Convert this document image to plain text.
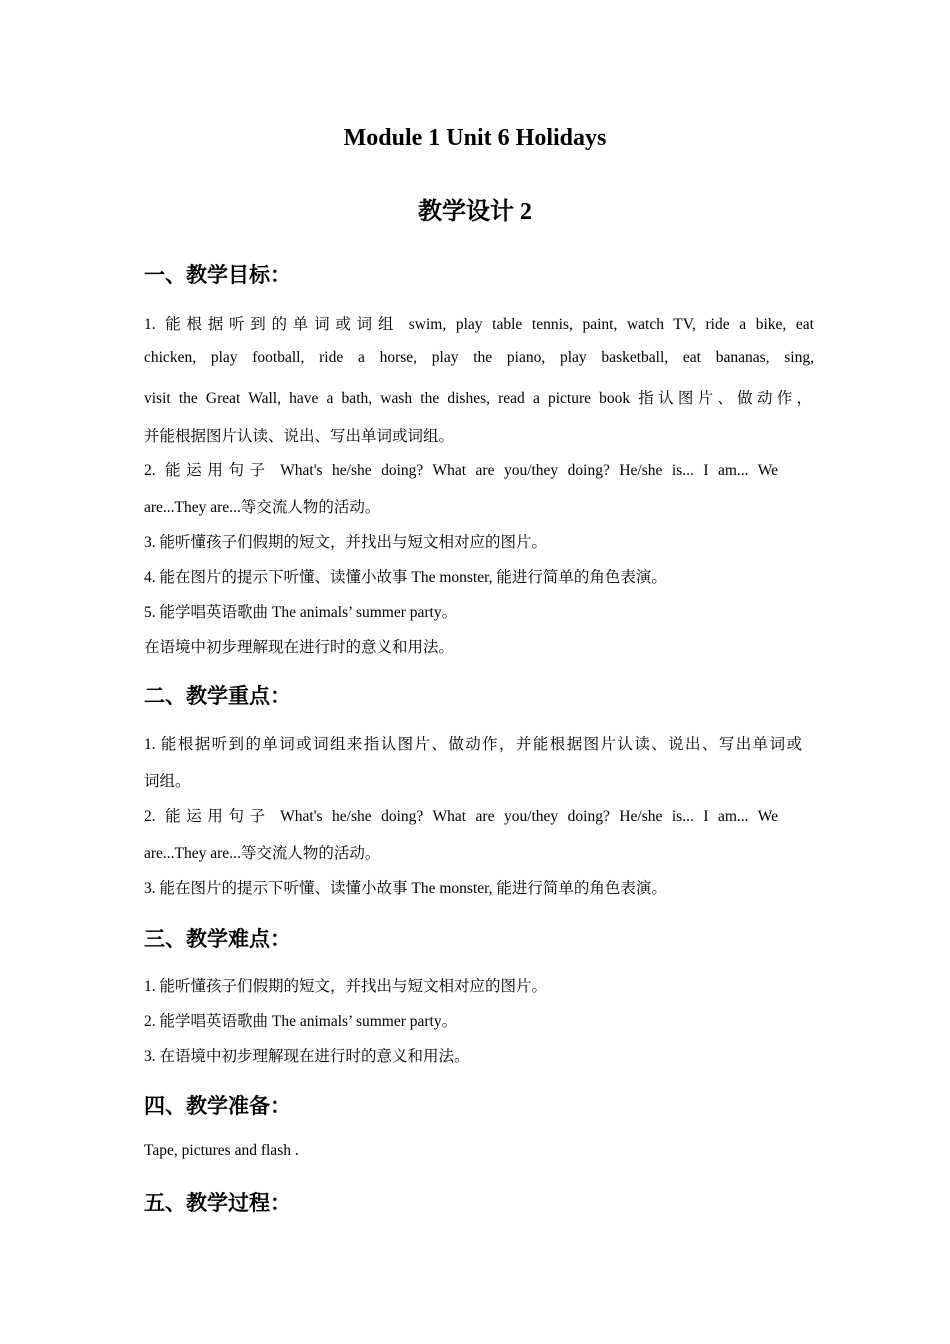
Module 1 Unit 6 Holidays
教学设计 2
一、教学目标：
1. 能根据听到的单词或词组 swim, play table tennis, paint, watch TV, ride a bike, eat
chicken, play football, ride a horse, play the piano, play basketball, eat bananas, sing,
visit the Great Wall, have a bath, wash the dishes, read a picture book 指认图片、做动作，
并能根据图片认读、说出、写出单词或词组。
2. 能运用句子 What's he/she doing? What are you/they doing? He/she is... I am... We
are...They are...等交流人物的活动。
3. 能听懂孩子们假期的短文，并找出与短文相对应的图片。
4. 能在图片的提示下听懂、读懂小故事 The monster, 能进行简单的角色表演。
5. 能学唱英语歌曲 The animals’ summer party。
在语境中初步理解现在进行时的意义和用法。
二、教学重点：
1. 能根据听到的单词或词组来指认图片、做动作，并能根据图片认读、说出、写出单词或
词组。
2. 能运用句子 What's he/she doing? What are you/they doing? He/she is... I am... We
are...They are...等交流人物的活动。
3. 能在图片的提示下听懂、读懂小故事 The monster, 能进行简单的角色表演。
三、教学难点：
1. 能听懂孩子们假期的短文，并找出与短文相对应的图片。
2. 能学唱英语歌曲 The animals’ summer party。
3. 在语境中初步理解现在进行时的意义和用法。
四、教学准备：
Tape, pictures and flash .
五、教学过程：
